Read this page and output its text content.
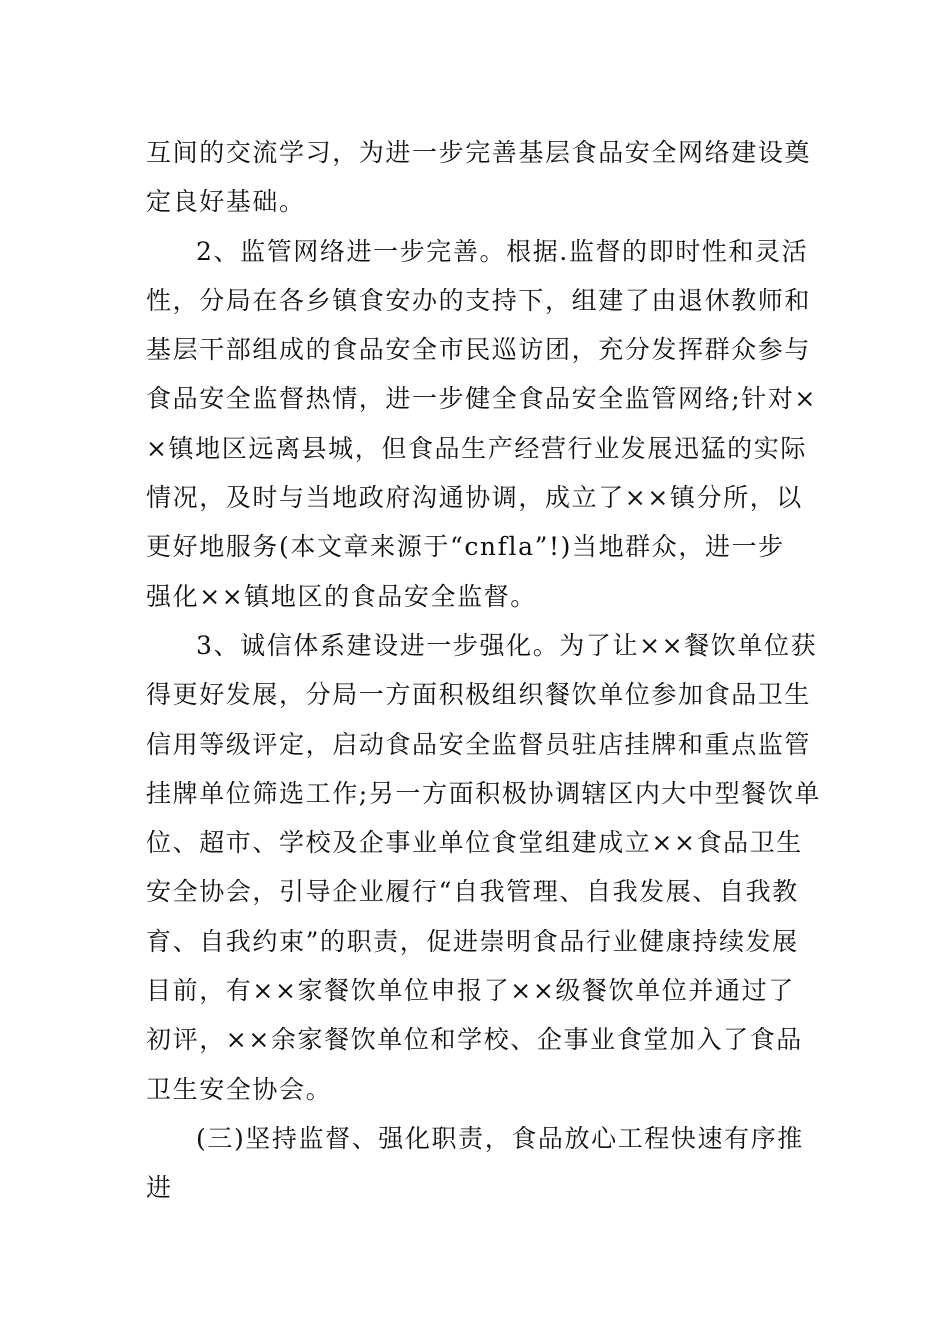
互间的交流学习，为进一步完善基层食品安全网络建设奠
定良好基础。
2、监管网络进一步完善。根据.监督的即时性和灵活
性，分局在各乡镇食安办的支持下，组建了由退休教师和
基层干部组成的食品安全市民巡访团，充分发挥群众参与
食品安全监督热情，进一步健全食品安全监管网络;针对×
×镇地区远离县城，但食品生产经营行业发展迅猛的实际
情况，及时与当地政府沟通协调，成立了××镇分所，以
更好地服务(本文章来源于“cnfla”!)当地群众，进一步
强化××镇地区的食品安全监督。
3、诚信体系建设进一步强化。为了让××餐饮单位获
得更好发展，分局一方面积极组织餐饮单位参加食品卫生
信用等级评定，启动食品安全监督员驻店挂牌和重点监管
挂牌单位筛选工作;另一方面积极协调辖区内大中型餐饮单
位、超市、学校及企事业单位食堂组建成立××食品卫生
安全协会，引导企业履行“自我管理、自我发展、自我教
育、自我约束”的职责，促进崇明食品行业健康持续发展
目前，有××家餐饮单位申报了××级餐饮单位并通过了
初评，××余家餐饮单位和学校、企事业食堂加入了食品
卫生安全协会。
(三)坚持监督、强化职责，食品放心工程快速有序推
进
